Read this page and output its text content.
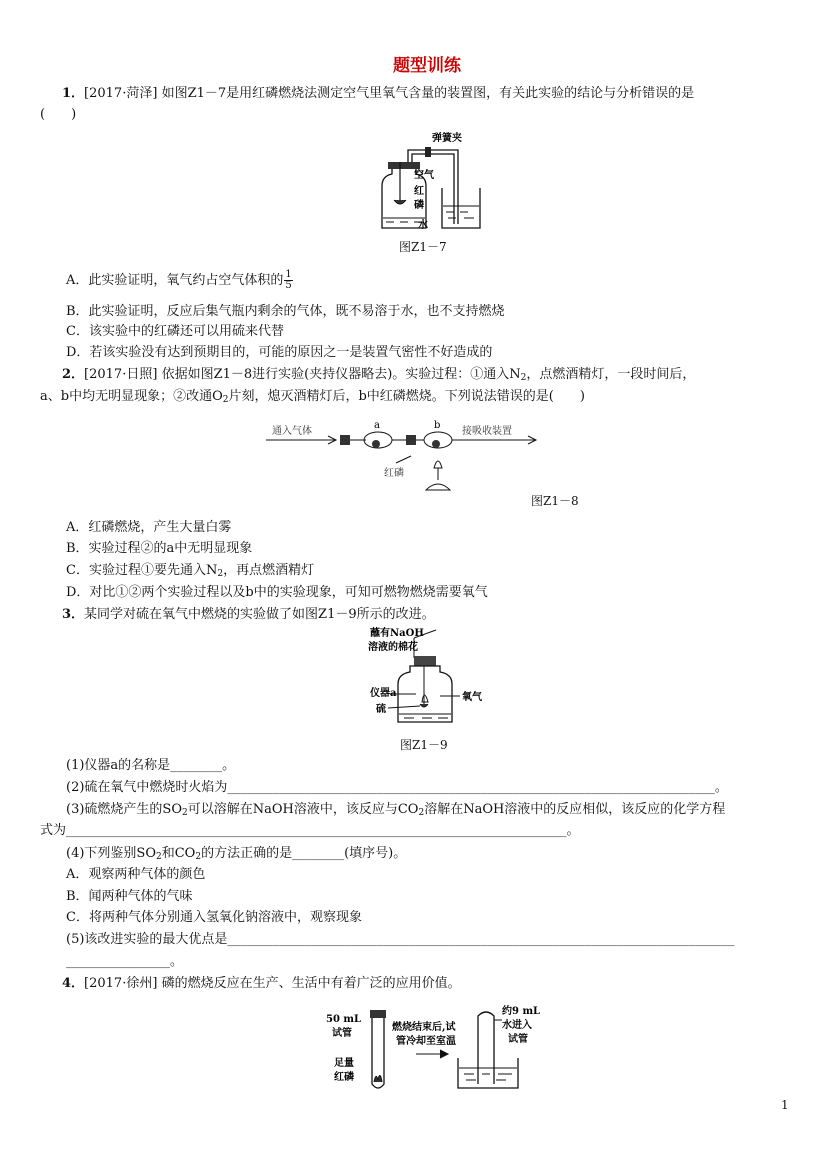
题型训练
1．[2017·菏泽] 如图Z1－7是用红磷燃烧法测定空气里氧气含量的装置图，有关此实验的结论与分析错误的是
(　　)
弹簧夹
空气
红
磷
水
图Z1－7
A．此实验证明，氧气约占空气体积的 $\frac{1}{5}$
B．此实验证明，反应后集气瓶内剩余的气体，既不易溶于水，也不支持燃烧
C．该实验中的红磷还可以用硫来代替
D．若该实验没有达到预期目的，可能的原因之一是装置气密性不好造成的
2．[2017·日照] 依据如图Z1－8进行实验(夹持仪器略去)。实验过程：①通入$N_2$，点燃酒精灯，一段时间后，
a、b中均无明显现象；②改通$O_2$片刻，熄灭酒精灯后，b中红磷燃烧。下列说法错误的是(　　)
通入气体
a	b
接吸收装置
红磷
图Z1－8
A．红磷燃烧，产生大量白雾
B．实验过程②的a中无明显现象
C．实验过程①要先通入$N_2$，再点燃酒精灯
D．对比①②两个实验过程以及b中的实验现象，可知可燃物燃烧需要氧气
3．某同学对硫在氧气中燃烧的实验做了如图Z1－9所示的改进。
蘸有NaOH
溶液的棉花
仪器a
硫
氧气
图Z1－9
(1)仪器a的名称是________。
(2)硫在氧气中燃烧时火焰为___________________________________________________________________________。
(3)硫燃烧产生的$SO_2$可以溶解在NaOH溶液中，该反应与$CO_2$溶解在NaOH溶液中的反应相似，该反应的化学方程
式为_____________________________________________________________________________。
(4)下列鉴别$SO_2$和$CO_2$的方法正确的是________(填序号)。
A．观察两种气体的颜色
B．闻两种气体的气味
C．将两种气体分别通入氢氧化钠溶液中，观察现象
(5)该改进实验的最大优点是______________________________________________________________________________
________________。
4．[2017·徐州] 磷的燃烧反应在生产、生活中有着广泛的应用价值。
50 mL
试管
足量
红磷
燃烧结束后,试
管冷却至室温
约9 mL
水进入
试管
1
